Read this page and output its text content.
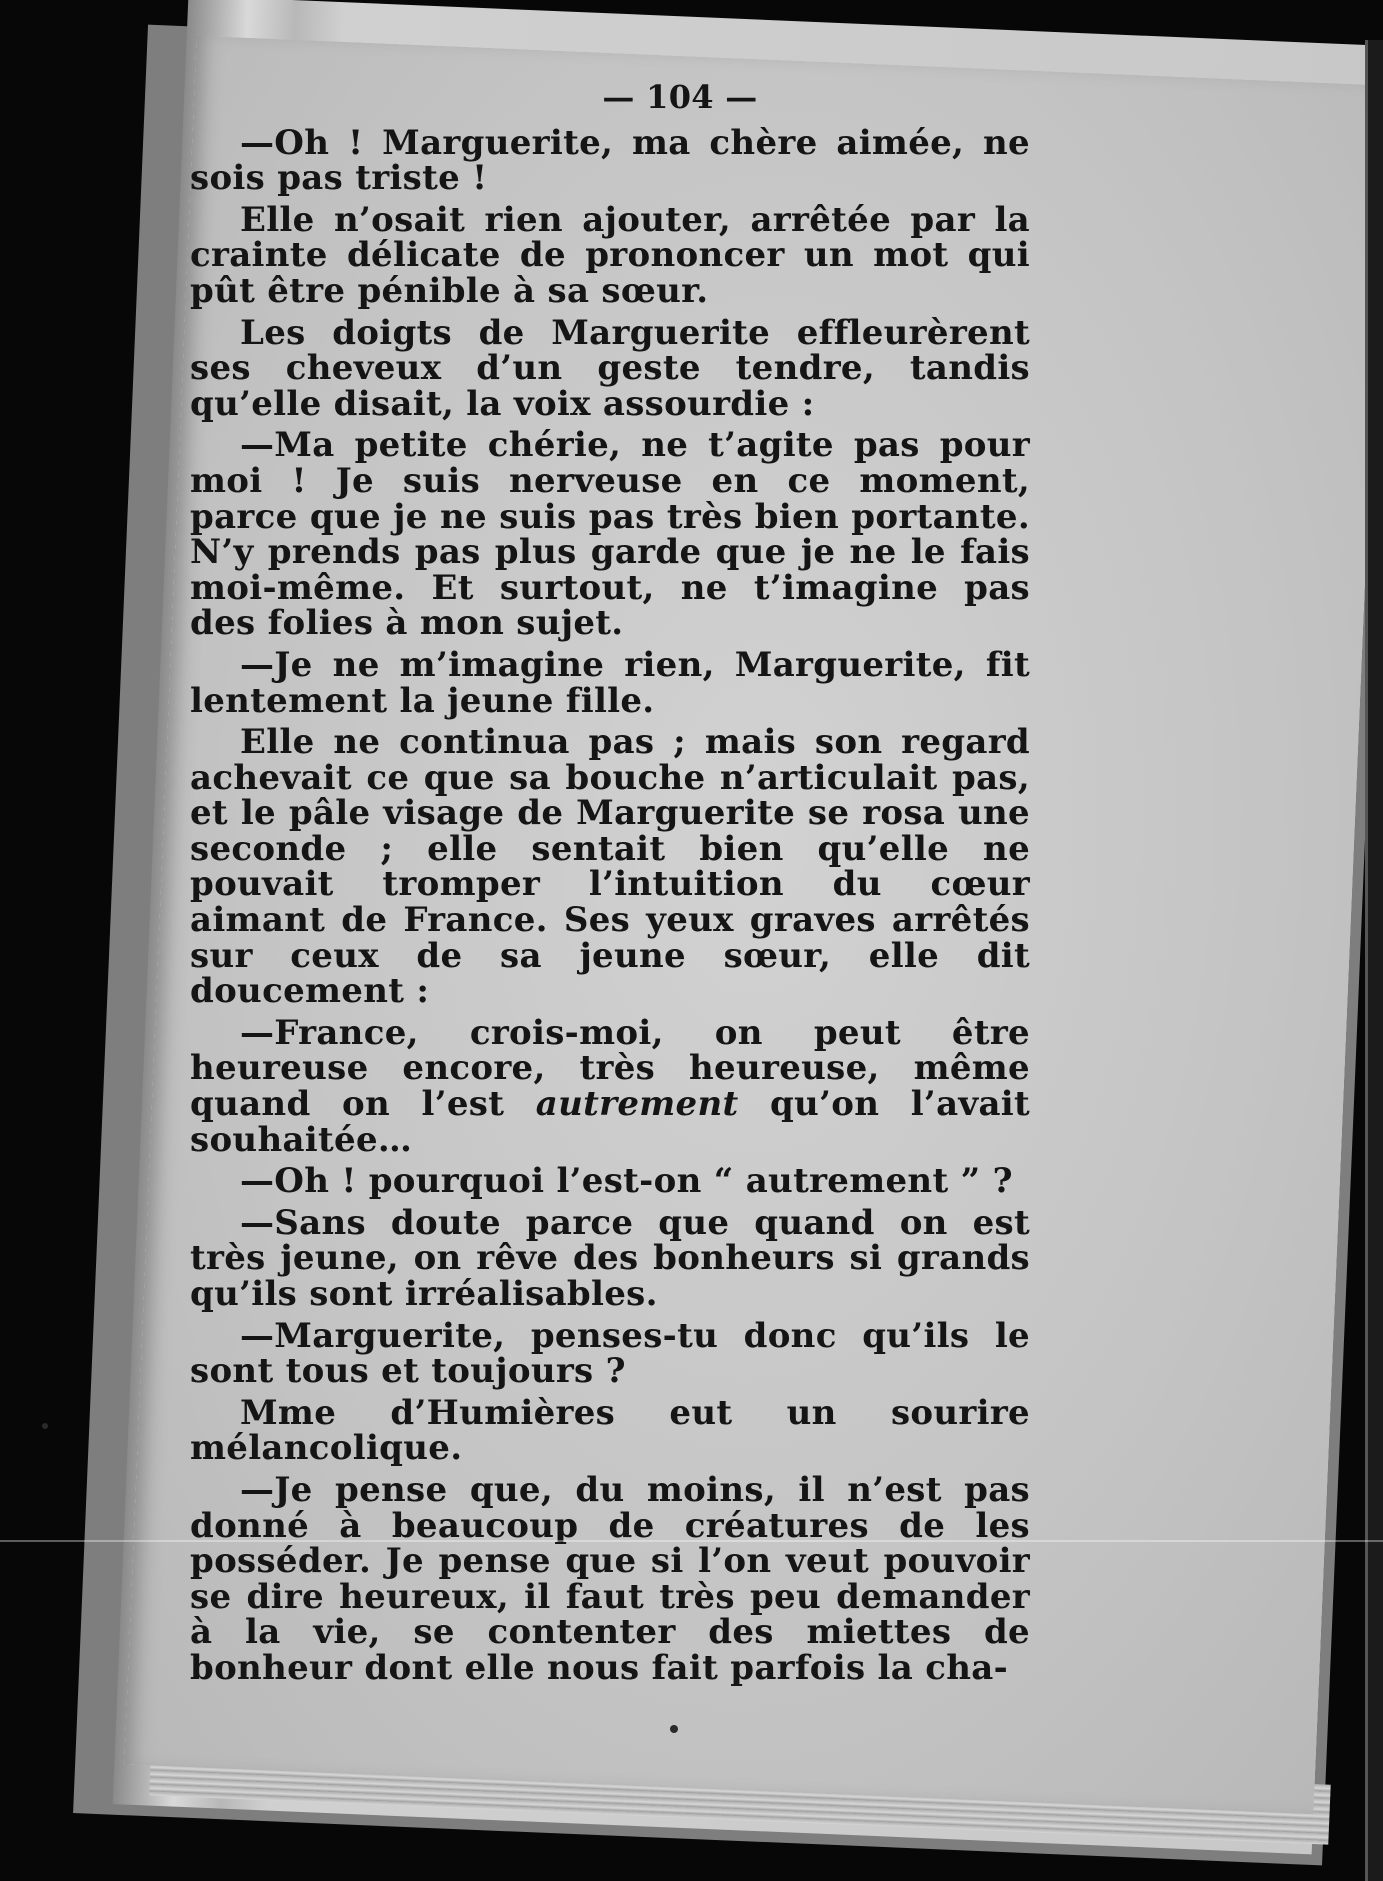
— 104 —

—Oh ! Marguerite, ma chère aimée, ne sois pas triste !

Elle n’osait rien ajouter, arrêtée par la crainte délicate de prononcer un mot qui pût être pénible à sa sœur.

Les doigts de Marguerite effleurèrent ses cheveux d’un geste tendre, tandis qu’elle disait, la voix assourdie :

—Ma petite chérie, ne t’agite pas pour moi ! Je suis nerveuse en ce moment, parce que je ne suis pas très bien portante. N’y prends pas plus garde que je ne le fais moi-même. Et surtout, ne t’imagine pas des folies à mon sujet.

—Je ne m’imagine rien, Marguerite, fit lentement la jeune fille.

Elle ne continua pas ; mais son regard achevait ce que sa bouche n’articulait pas, et le pâle visage de Marguerite se rosa une seconde ; elle sentait bien qu’elle ne pouvait tromper l’intuition du cœur aimant de France. Ses yeux graves arrêtés sur ceux de sa jeune sœur, elle dit doucement :

—France, crois-moi, on peut être heureuse encore, très heureuse, même quand on l’est autrement qu’on l’avait souhaitée…

—Oh ! pourquoi l’est-on “ autrement ” ?

—Sans doute parce que quand on est très jeune, on rêve des bonheurs si grands qu’ils sont irréalisables.

—Marguerite, penses-tu donc qu’ils le sont tous et toujours ?

Mme d’Humières eut un sourire mélancolique.

—Je pense que, du moins, il n’est pas donné à beaucoup de créatures de les posséder. Je pense que si l’on veut pouvoir se dire heureux, il faut très peu demander à la vie, se contenter des miettes de bonheur dont elle nous fait parfois la cha-
